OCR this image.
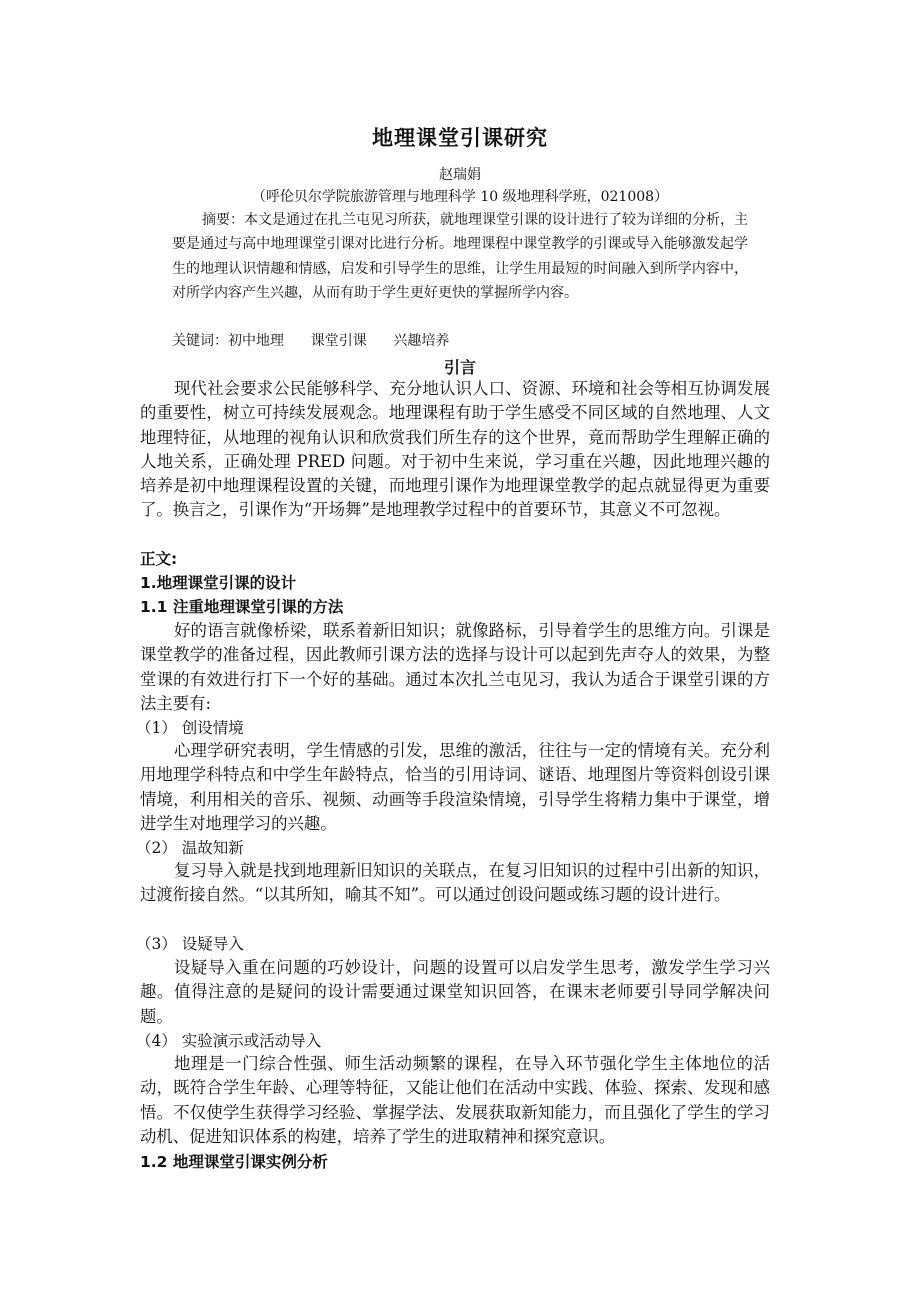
地理课堂引课研究
赵瑞娟
（呼伦贝尔学院旅游管理与地理科学 10 级地理科学班，021008）

摘要：本文是通过在扎兰屯见习所获，就地理课堂引课的设计进行了较为详细的分析，主要是通过与高中地理课堂引课对比进行分析。地理课程中课堂教学的引课或导入能够激发起学生的地理认识情趣和情感，启发和引导学生的思维，让学生用最短的时间融入到所学内容中，对所学内容产生兴趣，从而有助于学生更好更快的掌握所学内容。

关键词：初中地理      课堂引课      兴趣培养
引言

现代社会要求公民能够科学、充分地认识人口、资源、环境和社会等相互协调发展的重要性，树立可持续发展观念。地理课程有助于学生感受不同区域的自然地理、人文地理特征，从地理的视角认识和欣赏我们所生存的这个世界，竟而帮助学生理解正确的人地关系，正确处理 PRED 问题。对于初中生来说，学习重在兴趣，因此地理兴趣的培养是初中地理课程设置的关键，而地理引课作为地理课堂教学的起点就显得更为重要了。换言之，引课作为“开场舞”是地理教学过程中的首要环节，其意义不可忽视。

正文:

1.地理课堂引课的设计

1.1 注重地理课堂引课的方法

好的语言就像桥梁，联系着新旧知识；就像路标，引导着学生的思维方向。引课是课堂教学的准备过程，因此教师引课方法的选择与设计可以起到先声夺人的效果，为整堂课的有效进行打下一个好的基础。通过本次扎兰屯见习，我认为适合于课堂引课的方法主要有:

（1） 创设情境

心理学研究表明，学生情感的引发，思维的激活，往往与一定的情境有关。充分利用地理学科特点和中学生年龄特点，恰当的引用诗词、谜语、地理图片等资料创设引课情境，利用相关的音乐、视频、动画等手段渲染情境，引导学生将精力集中于课堂，增进学生对地理学习的兴趣。

（2） 温故知新

复习导入就是找到地理新旧知识的关联点，在复习旧知识的过程中引出新的知识，过渡衔接自然。“以其所知，喻其不知”。可以通过创设问题或练习题的设计进行。

（3） 设疑导入

设疑导入重在问题的巧妙设计，问题的设置可以启发学生思考，激发学生学习兴趣。值得注意的是疑问的设计需要通过课堂知识回答，在课末老师要引导同学解决问题。

（4） 实验演示或活动导入

地理是一门综合性强、师生活动频繁的课程，在导入环节强化学生主体地位的活动，既符合学生年龄、心理等特征，又能让他们在活动中实践、体验、探索、发现和感悟。不仅使学生获得学习经验、掌握学法、发展获取新知能力，而且强化了学生的学习动机、促进知识体系的构建，培养了学生的进取精神和探究意识。

1.2 地理课堂引课实例分析
